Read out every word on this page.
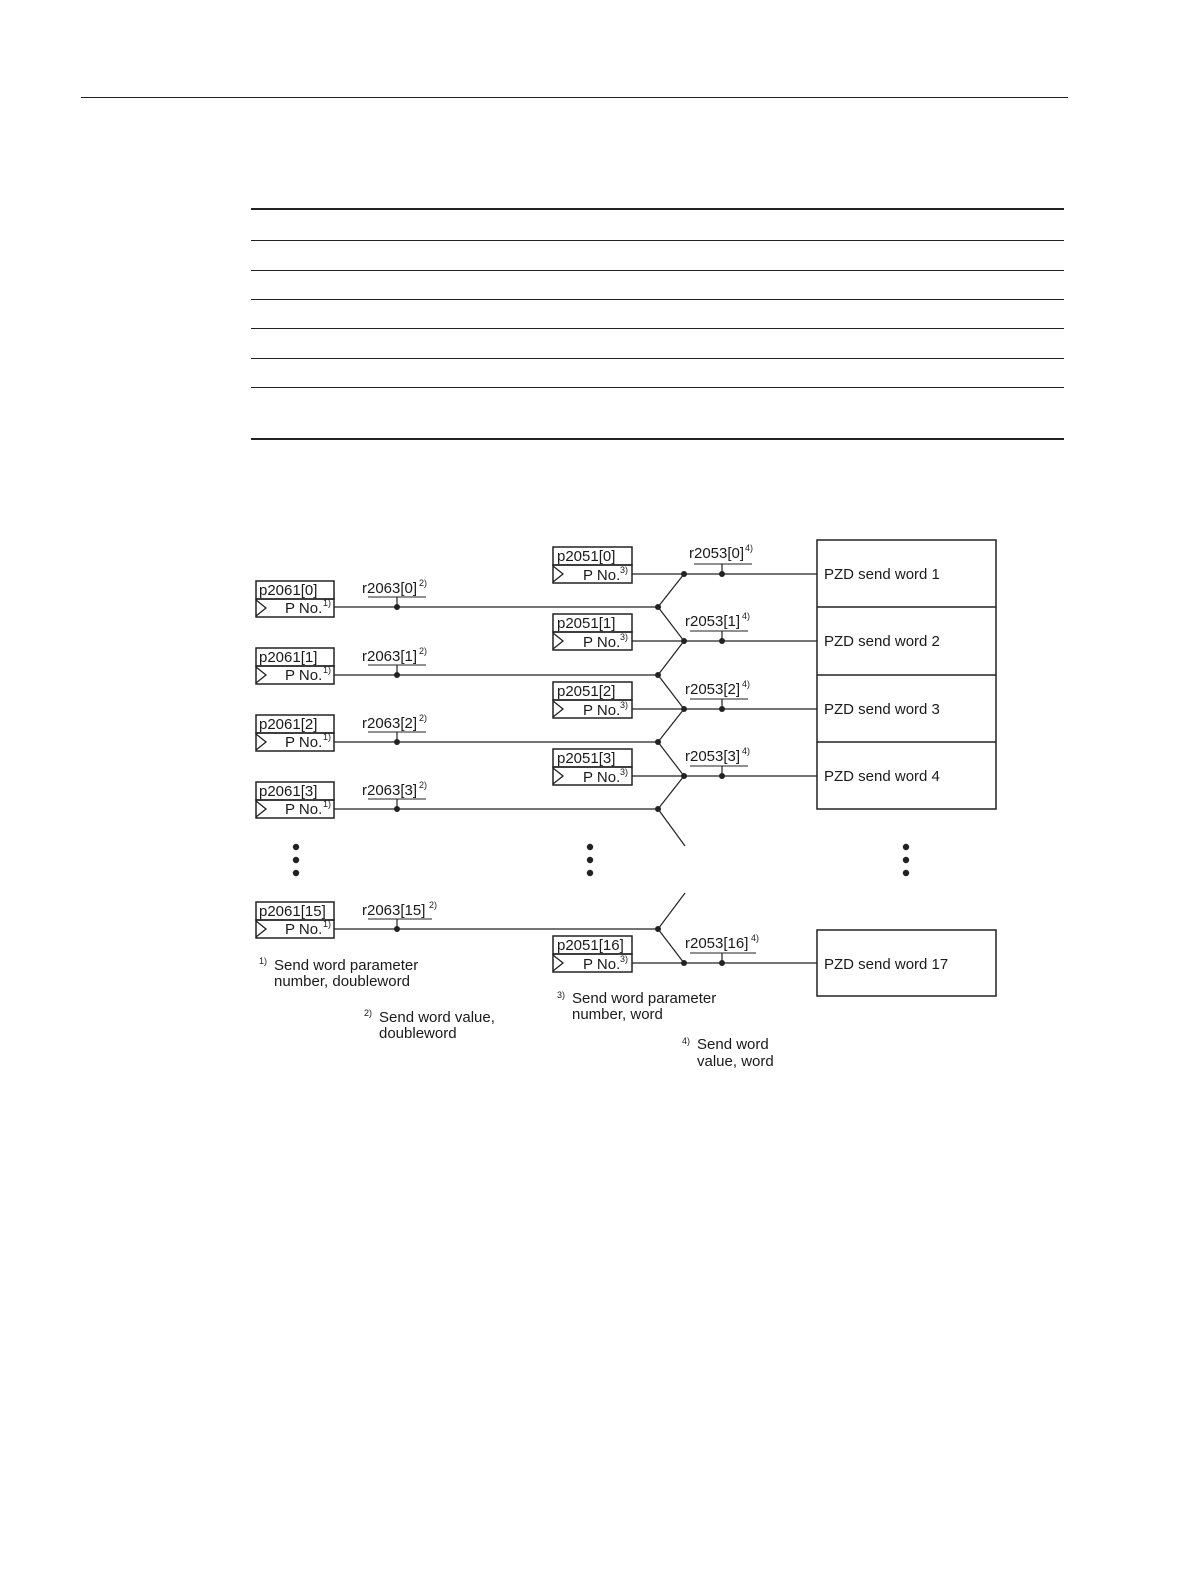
p2061[0]
P No. 1)
r2063[0] 2)
p2061[1]
P No. 1)
r2063[1] 2)
p2061[2]
P No. 1)
r2063[2] 2)
p2061[3]
P No. 1)
r2063[3] 2)
p2061[15]
P No. 1)
r2063[15] 2)
p2051[0]
P No. 3)
r2053[0] 4)
p2051[1]
P No. 3)
r2053[1] 4)
p2051[2]
P No. 3)
r2053[2] 4)
p2051[3]
P No. 3)
r2053[3] 4)
p2051[16]
P No. 3)
r2053[16] 4)
PZD send word 1
PZD send word 2
PZD send word 3
PZD send word 4
PZD send word 17
1) Send word parameter
number, doubleword
2) Send word value,
doubleword
3) Send word parameter
number, word
4) Send word
value, word
